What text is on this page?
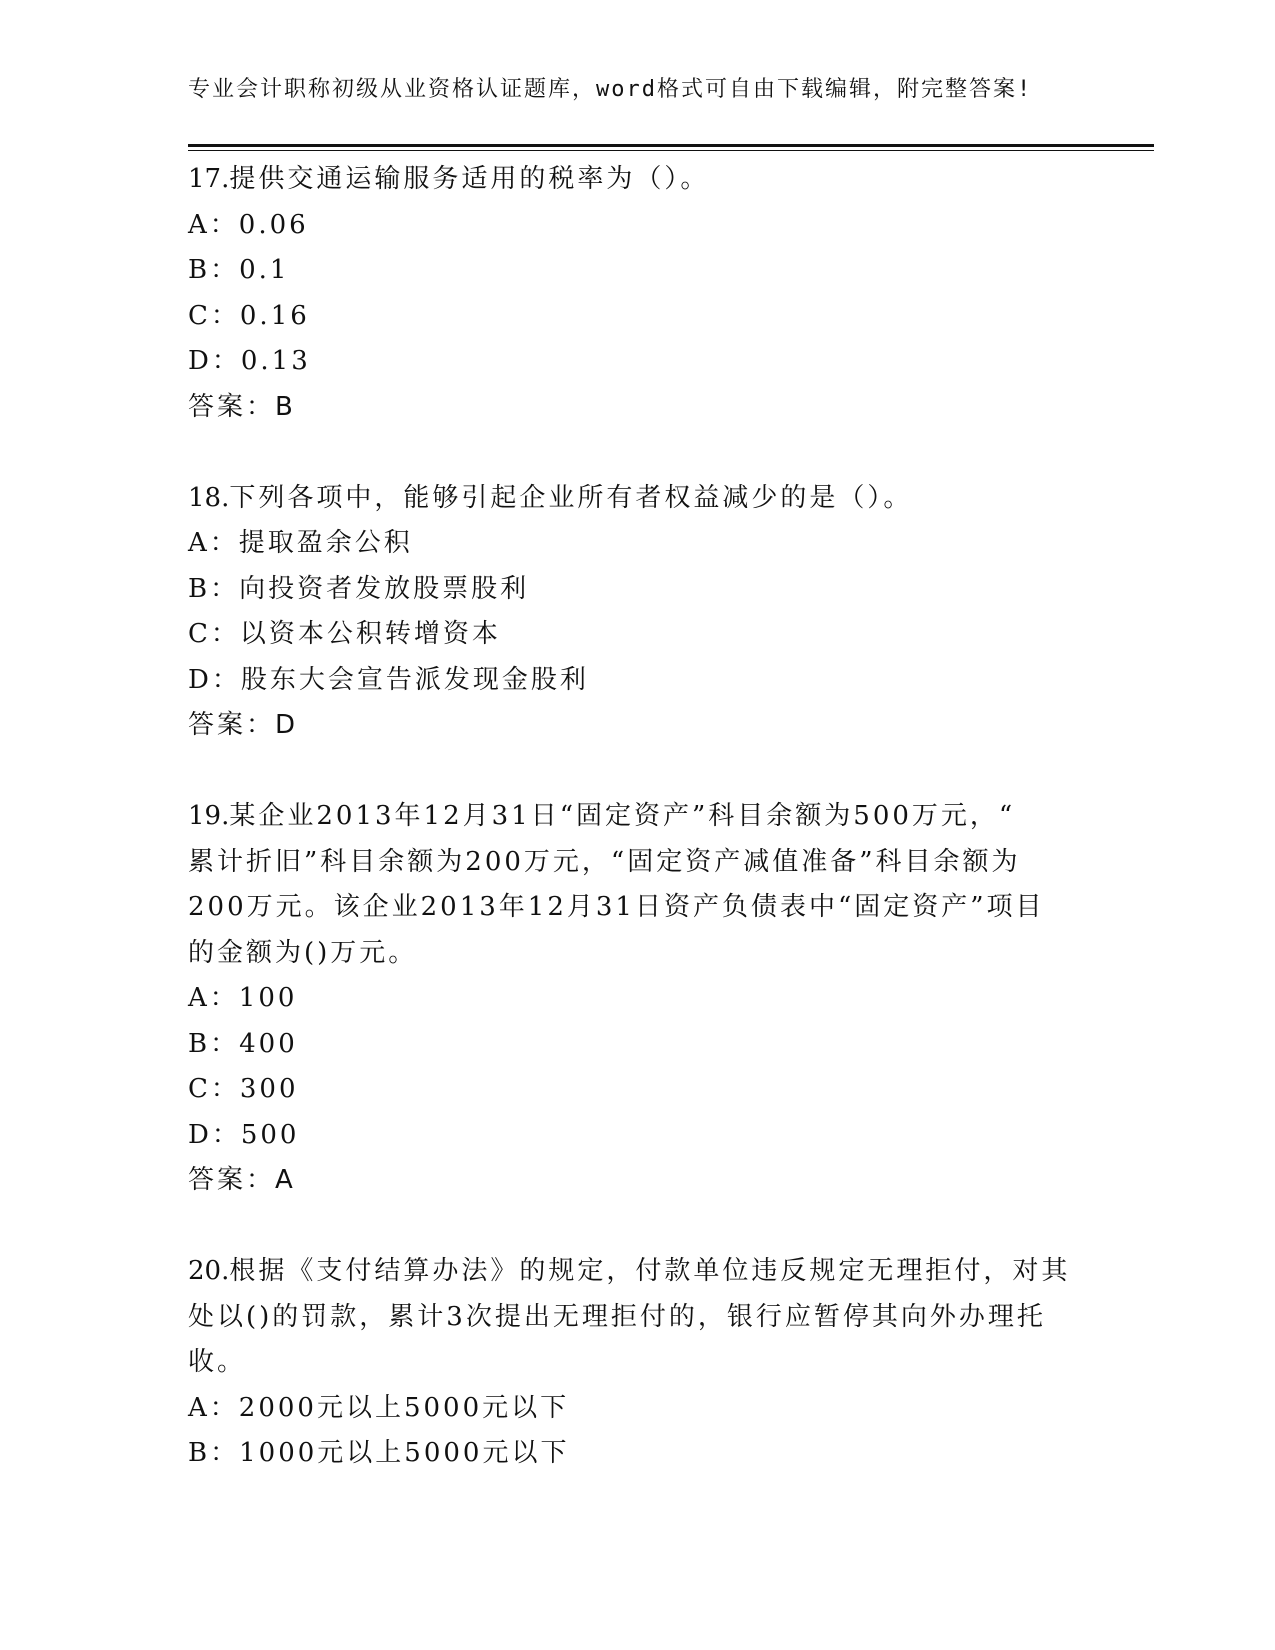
专业会计职称初级从业资格认证题库，word格式可自由下载编辑，附完整答案!

17.提供交通运输服务适用的税率为（）。

A：0.06

B：0.1

C：0.16

D：0.13

答案：B

18.下列各项中，能够引起企业所有者权益减少的是（）。

A：提取盈余公积

B：向投资者发放股票股利

C：以资本公积转增资本

D：股东大会宣告派发现金股利

答案：D

19.某企业2013年12月31日“固定资产”科目余额为500万元，“

累计折旧”科目余额为200万元，“固定资产减值准备”科目余额为

200万元。该企业2013年12月31日资产负债表中“固定资产”项目

的金额为()万元。

A：100

B：400

C：300

D：500

答案：A

20.根据《支付结算办法》的规定，付款单位违反规定无理拒付，对其

处以()的罚款，累计3次提出无理拒付的，银行应暂停其向外办理托

收。

A：2000元以上5000元以下

B：1000元以上5000元以下
